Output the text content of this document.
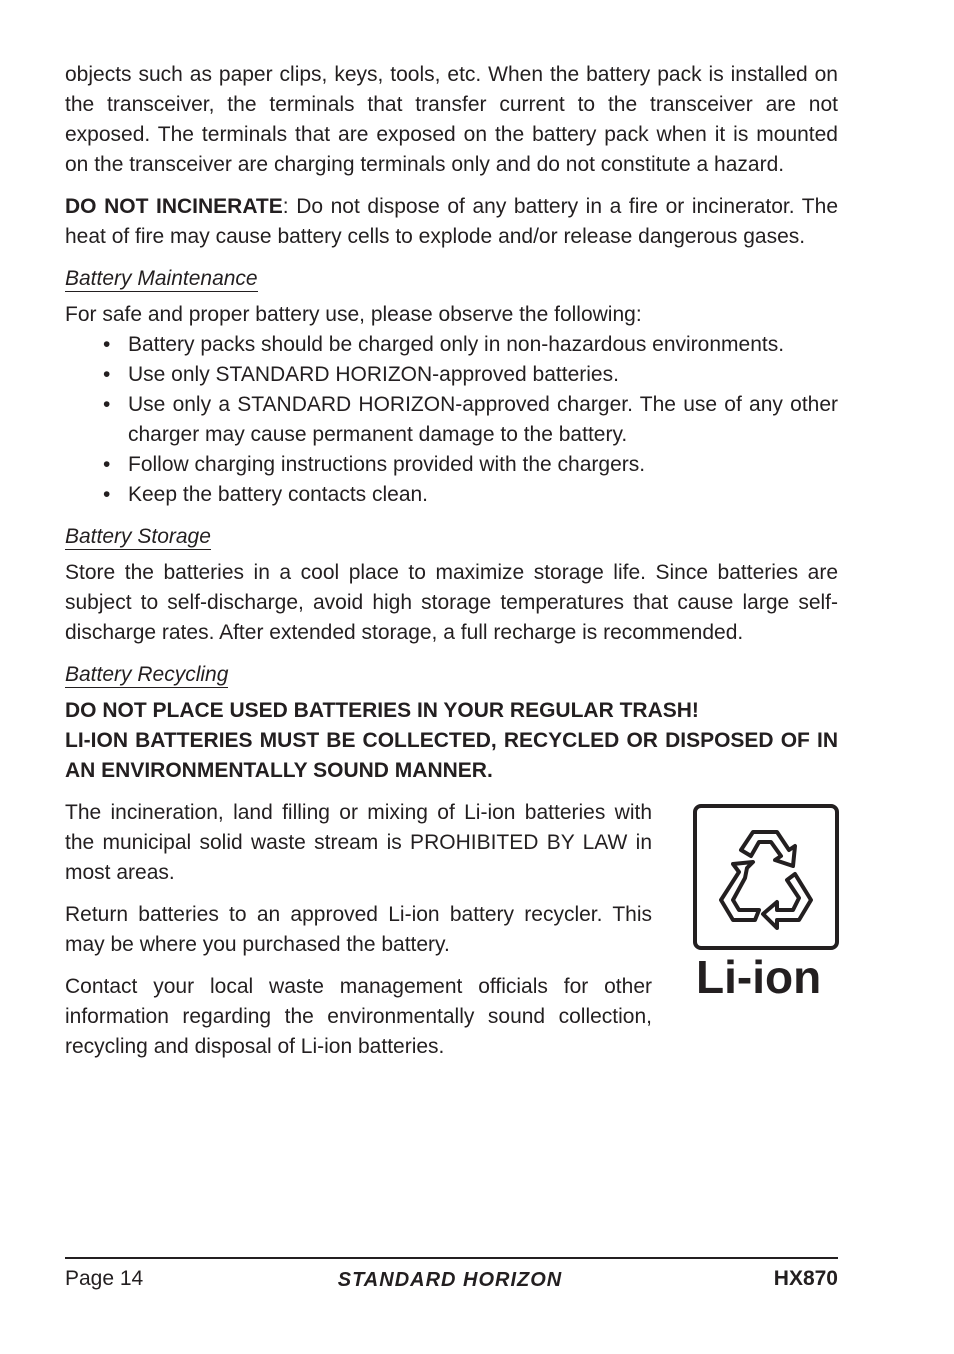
objects such as paper clips, keys, tools, etc. When the battery pack is installed on the transceiver, the terminals that transfer current to the transceiver are not exposed. The terminals that are exposed on the battery pack when it is mounted on the transceiver are charging terminals only and do not constitute a hazard.

DO NOT INCINERATE: Do not dispose of any battery in a fire or incinerator. The heat of fire may cause battery cells to explode and/or release dangerous gases.

Battery Maintenance

For safe and proper battery use, please observe the following:

• Battery packs should be charged only in non-hazardous environments.
• Use only STANDARD HORIZON-approved batteries.
• Use only a STANDARD HORIZON-approved charger. The use of any other charger may cause permanent damage to the battery.
• Follow charging instructions provided with the chargers.
• Keep the battery contacts clean.
Battery Storage

Store the batteries in a cool place to maximize storage life. Since batteries are subject to self-discharge, avoid high storage temperatures that cause large self-discharge rates. After extended storage, a full recharge is recommended.

Battery Recycling
DO NOT PLACE USED BATTERIES IN YOUR REGULAR TRASH!
LI-ION BATTERIES MUST BE COLLECTED, RECYCLED OR DISPOSED OF IN AN ENVIRONMENTALLY SOUND MANNER.

The incineration, land filling or mixing of Li-ion batteries with the municipal solid waste stream is PROHIBITED BY LAW in most areas.

Return batteries to an approved Li-ion battery recycler. This may be where you purchased the battery.

Contact your local waste management officials for other information regarding the environmentally sound collection, recycling and disposal of Li-ion batteries.

Li-ion
Page 14	STANDARD HORIZON	HX870
